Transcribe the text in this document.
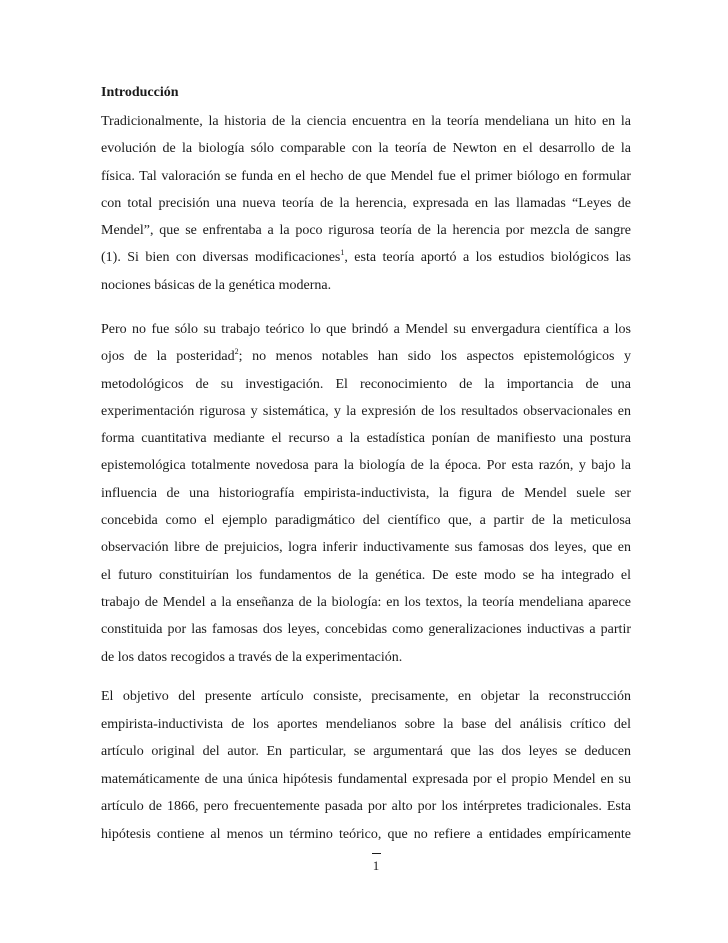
Introducción
Tradicionalmente, la historia de la ciencia encuentra en la teoría mendeliana un hito en la
evolución de la biología sólo comparable con la teoría de Newton en el desarrollo de la
física. Tal valoración se funda en el hecho de que Mendel fue el primer biólogo en formular
con total precisión una nueva teoría de la herencia, expresada en las llamadas “Leyes de
Mendel”, que se enfrentaba a la poco rigurosa teoría de la herencia por mezcla de sangre
(1). Si bien con diversas modificaciones$^1$, esta teoría aportó a los estudios biológicos las
nociones básicas de la genética moderna.
Pero no fue sólo su trabajo teórico lo que brindó a Mendel su envergadura científica a los
ojos de la posteridad$^2$; no menos notables han sido los aspectos epistemológicos y
metodológicos de su investigación. El reconocimiento de la importancia de una
experimentación rigurosa y sistemática, y la expresión de los resultados observacionales en
forma cuantitativa mediante el recurso a la estadística ponían de manifiesto una postura
epistemológica totalmente novedosa para la biología de la época. Por esta razón, y bajo la
influencia de una historiografía empirista-inductivista, la figura de Mendel suele ser
concebida como el ejemplo paradigmático del científico que, a partir de la meticulosa
observación libre de prejuicios, logra inferir inductivamente sus famosas dos leyes, que en
el futuro constituirían los fundamentos de la genética. De este modo se ha integrado el
trabajo de Mendel a la enseñanza de la biología: en los textos, la teoría mendeliana aparece
constituida por las famosas dos leyes, concebidas como generalizaciones inductivas a partir
de los datos recogidos a través de la experimentación.
El objetivo del presente artículo consiste, precisamente, en objetar la reconstrucción
empirista-inductivista de los aportes mendelianos sobre la base del análisis crítico del
artículo original del autor. En particular, se argumentará que las dos leyes se deducen
matemáticamente de una única hipótesis fundamental expresada por el propio Mendel en su
artículo de 1866, pero frecuentemente pasada por alto por los intérpretes tradicionales. Esta
hipótesis contiene al menos un término teórico, que no refiere a entidades empíricamente
1
